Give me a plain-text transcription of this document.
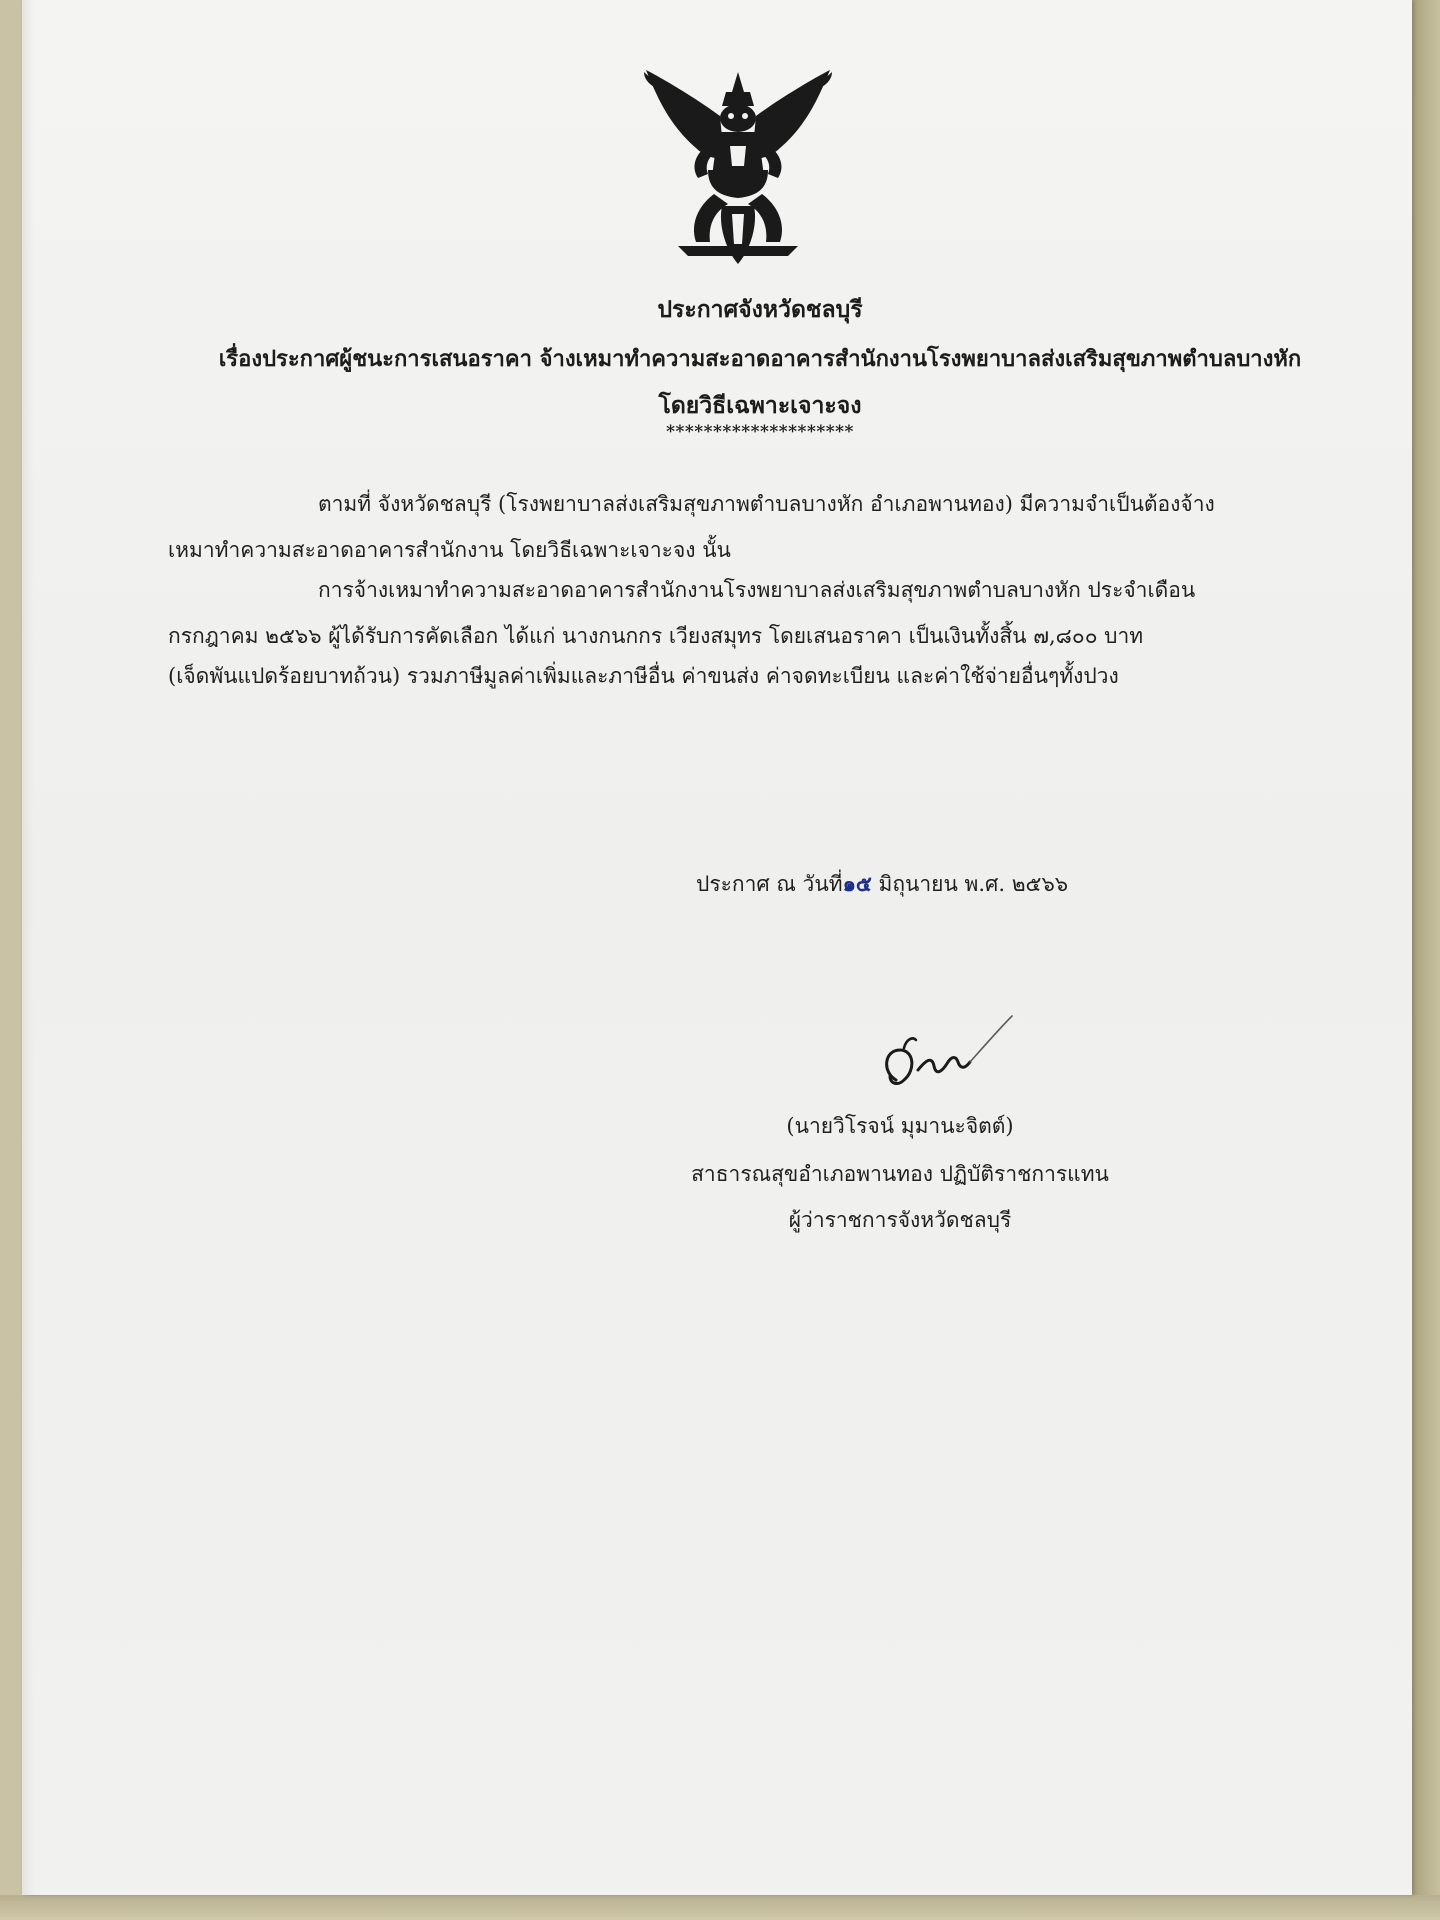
ประกาศจังหวัดชลบุรี
เรื่องประกาศผู้ชนะการเสนอราคา จ้างเหมาทำความสะอาดอาคารสำนักงานโรงพยาบาลส่งเสริมสุขภาพตำบลบางหัก
โดยวิธีเฉพาะเจาะจง
********************

ตามที่ จังหวัดชลบุรี (โรงพยาบาลส่งเสริมสุขภาพตำบลบางหัก อำเภอพานทอง) มีความจำเป็นต้องจ้าง

เหมาทำความสะอาดอาคารสำนักงาน โดยวิธีเฉพาะเจาะจง นั้น

การจ้างเหมาทำความสะอาดอาคารสำนักงานโรงพยาบาลส่งเสริมสุขภาพตำบลบางหัก ประจำเดือน

กรกฎาคม ๒๕๖๖ ผู้ได้รับการคัดเลือก ได้แก่ นางกนกกร เวียงสมุทร โดยเสนอราคา เป็นเงินทั้งสิ้น ๗,๘๐๐ บาท

(เจ็ดพันแปดร้อยบาทถ้วน) รวมภาษีมูลค่าเพิ่มและภาษีอื่น ค่าขนส่ง ค่าจดทะเบียน และค่าใช้จ่ายอื่นๆทั้งปวง

ประกาศ ณ วันที่๑๕ มิถุนายน พ.ศ. ๒๕๖๖
(นายวิโรจน์ มุมานะจิตต์)
สาธารณสุขอำเภอพานทอง ปฏิบัติราชการแทน
ผู้ว่าราชการจังหวัดชลบุรี
